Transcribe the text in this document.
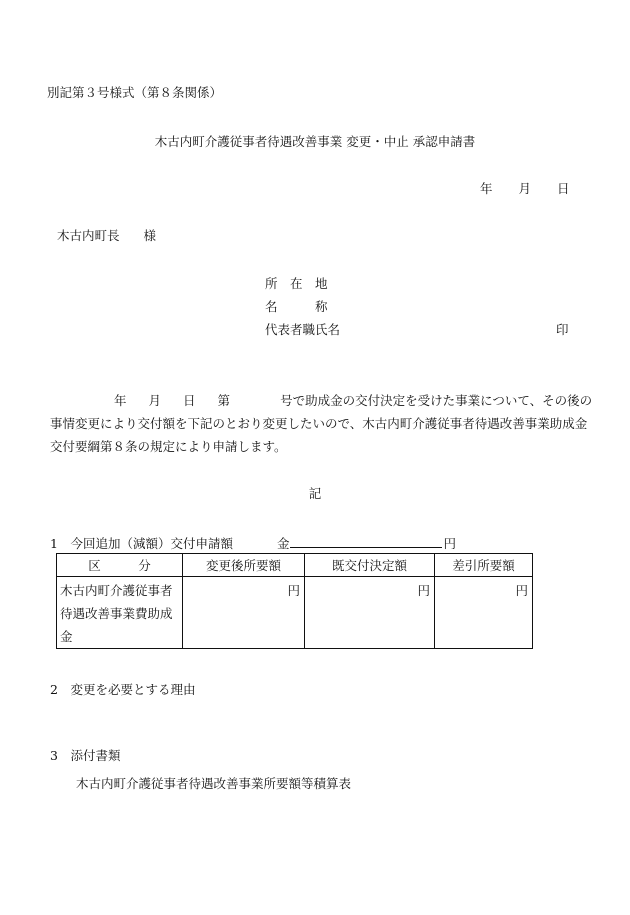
別記第３号様式（第８条関係）
木古内町介護従事者待遇改善事業 変更・中止 承認申請書
年 月 日
木古内町長 様
所　在　地
名　　　称
代表者職氏名	印
年 月 日 第	号で助成金の交付決定を受けた事業について、その後の事情変更により交付額を下記のとおり変更したいので、木古内町介護従事者待遇改善事業助成金交付要綱第８条の規定により申請します。
記
1　今回追加（減額）交付申請額	金	円
区　　　分	変更後所要額	既交付決定額	差引所要額
木古内町介護従事者待遇改善事業費助成金	円	円	円
2　変更を必要とする理由
3　添付書類
木古内町介護従事者待遇改善事業所要額等積算表
